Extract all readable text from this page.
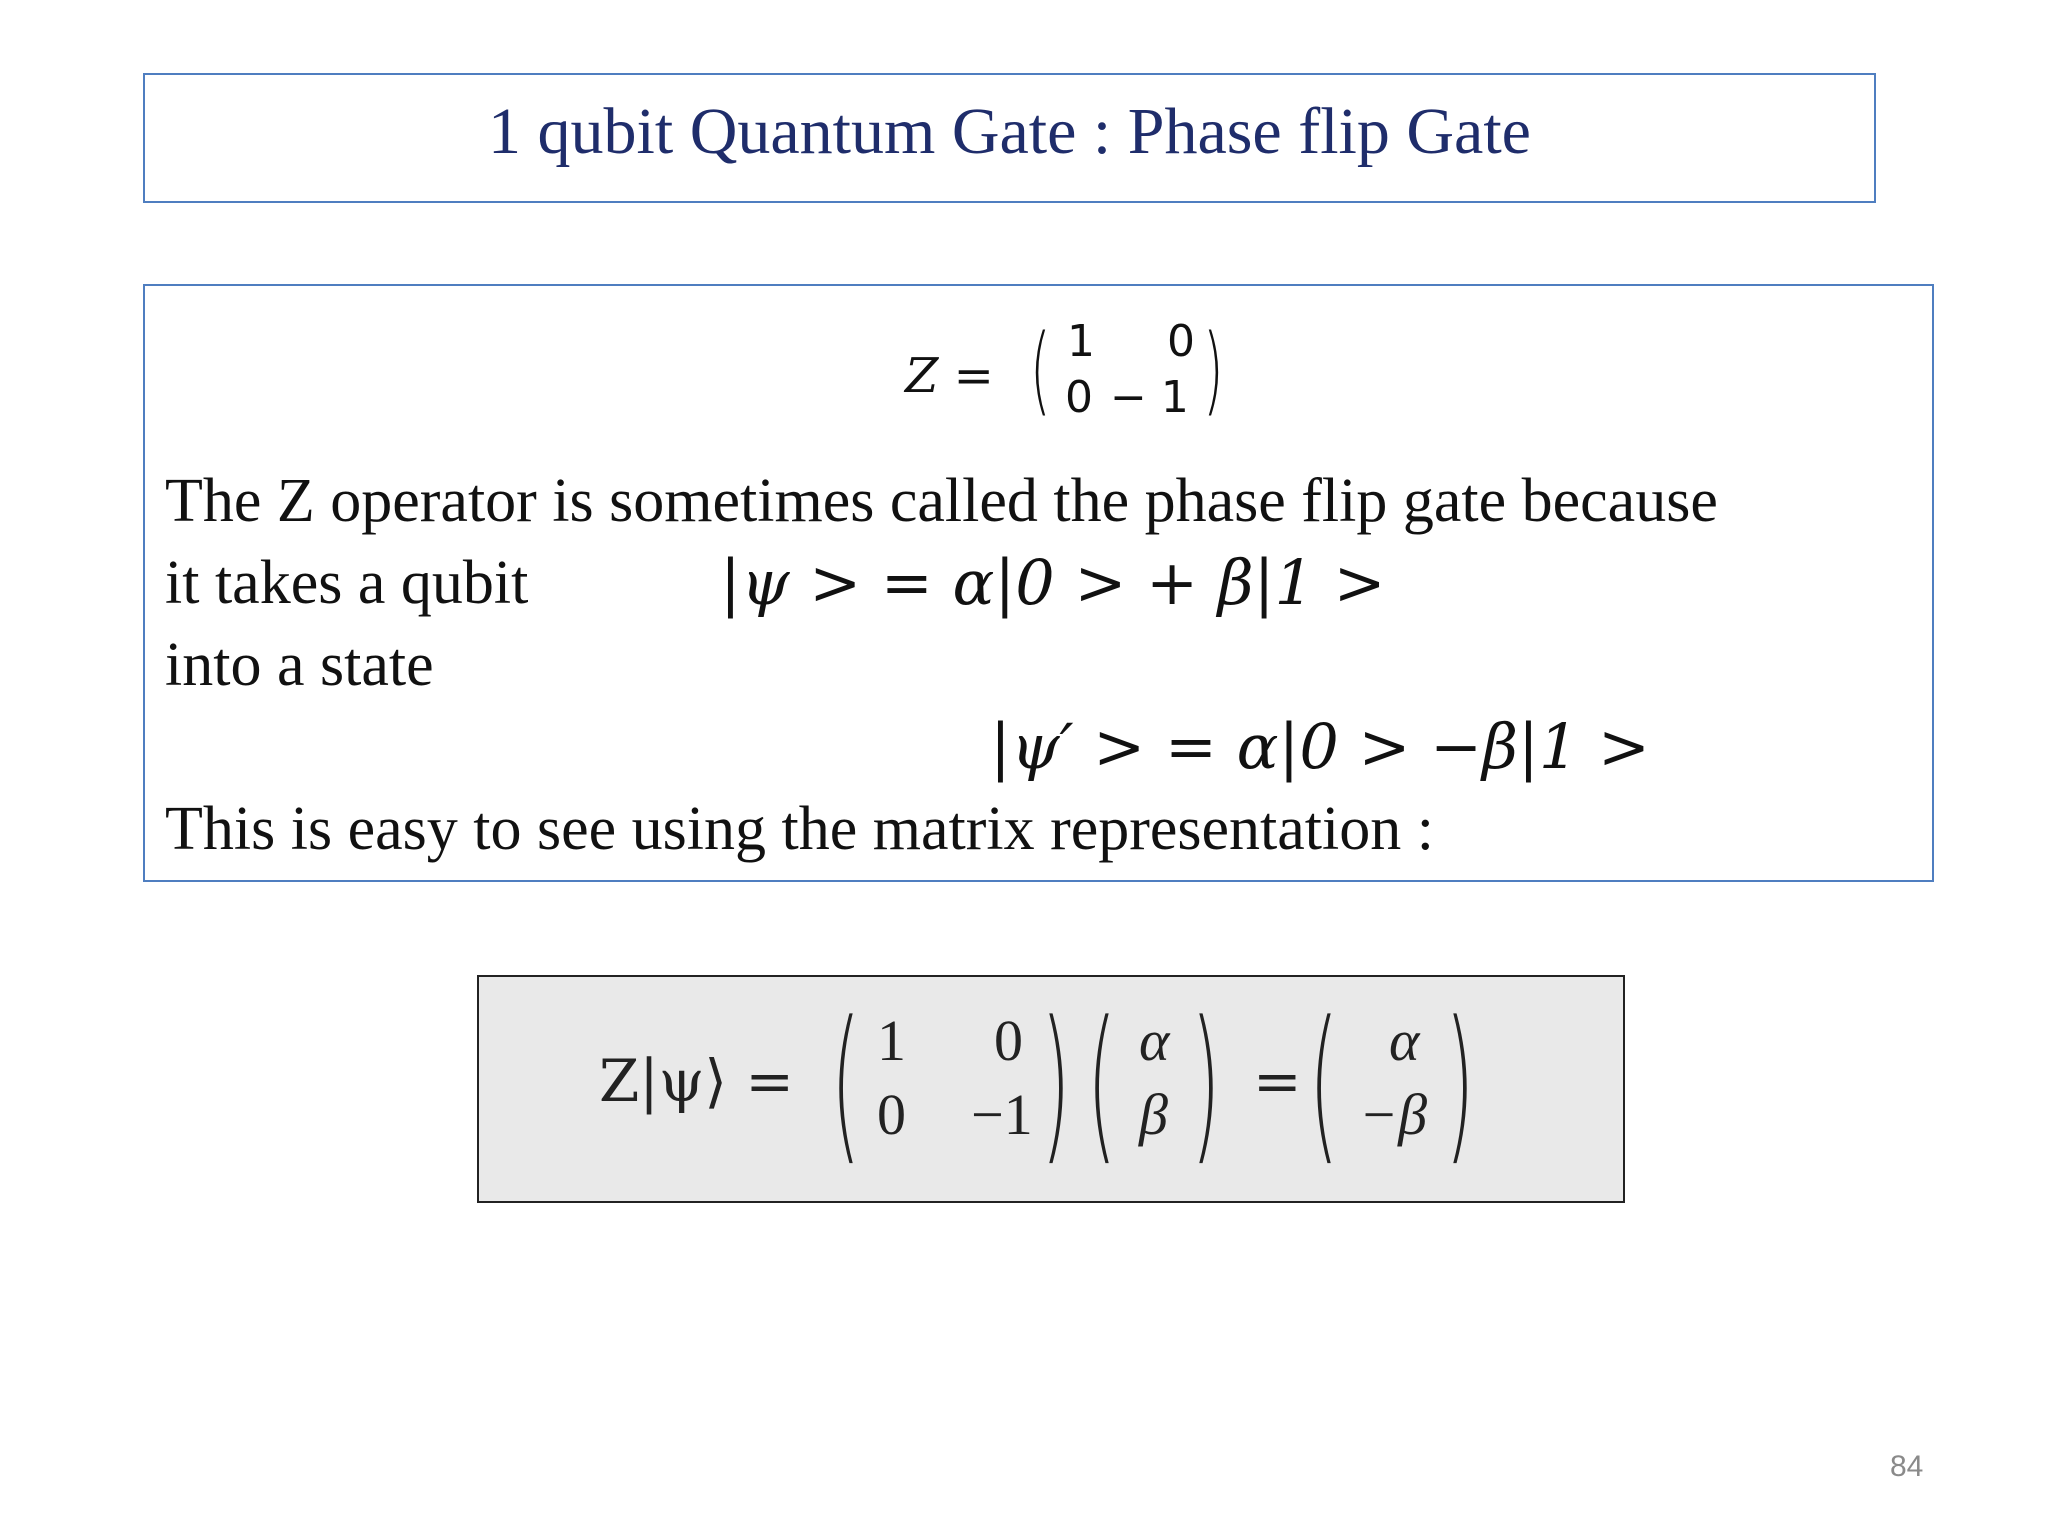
1 qubit Quantum Gate : Phase flip Gate
Z = ( 1 0
0 − 1 )
The Z operator is sometimes called the phase flip gate because
it takes a qubit	|ψ > = α|0 > + β|1 >
into a state
|ψ′ > = α|0 > −β|1 >
This is easy to see using the matrix representation :
Z|ψ⟩ = ( 1 0
0 −1 ) ( α
β ) = ( α
−β )
84
